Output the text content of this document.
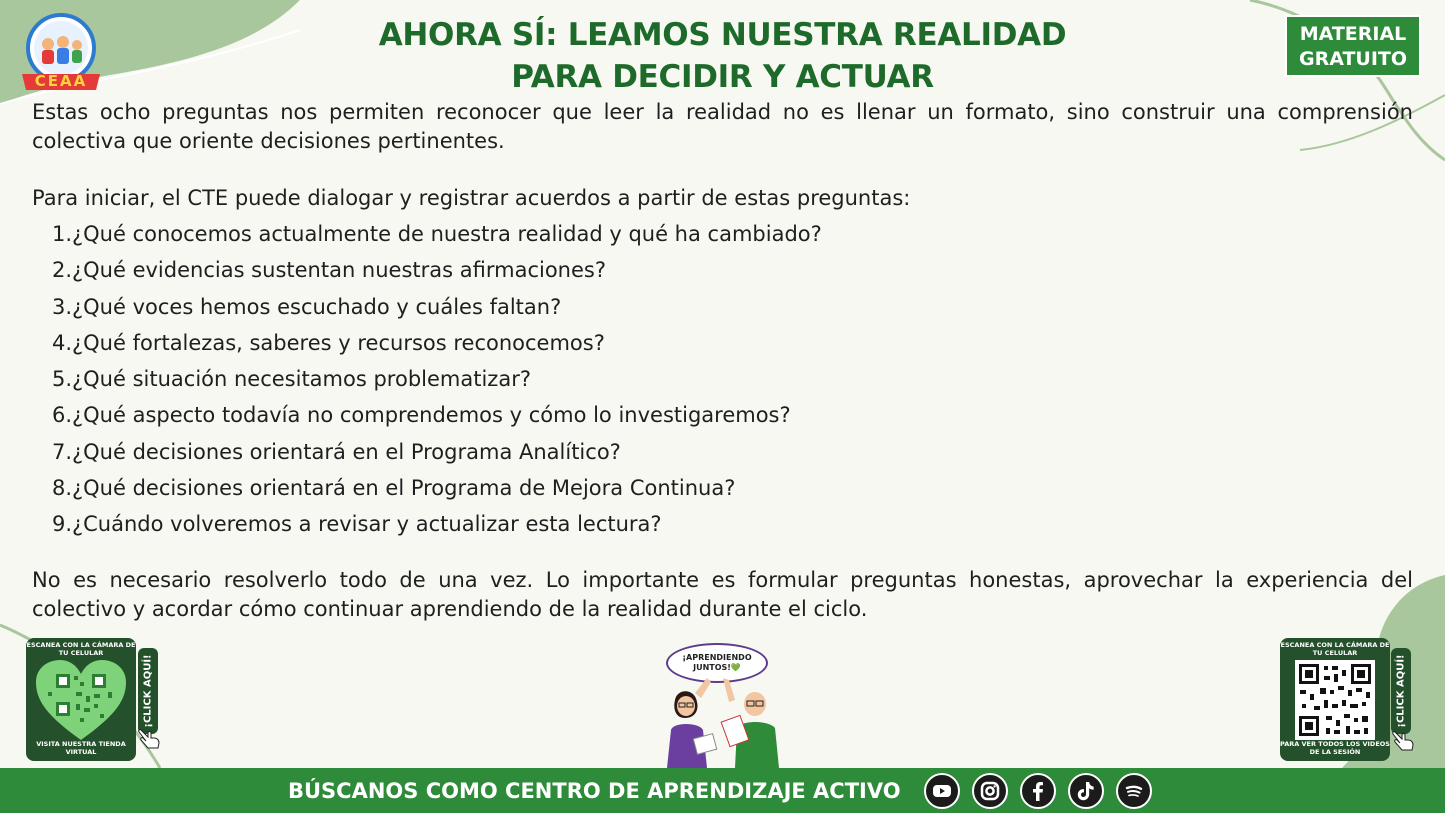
CEAA
AHORA SÍ: LEAMOS NUESTRA REALIDAD
PARA DECIDIR Y ACTUAR
MATERIAL
GRATUITO

Estas ocho preguntas nos permiten reconocer que leer la realidad no es llenar un formato, sino construir una comprensión colectiva que oriente decisiones pertinentes.

Para iniciar, el CTE puede dialogar y registrar acuerdos a partir de estas preguntas:

1.¿Qué conocemos actualmente de nuestra realidad y qué ha cambiado?
2.¿Qué evidencias sustentan nuestras afirmaciones?
3.¿Qué voces hemos escuchado y cuáles faltan?
4.¿Qué fortalezas, saberes y recursos reconocemos?
5.¿Qué situación necesitamos problematizar?
6.¿Qué aspecto todavía no comprendemos y cómo lo investigaremos?
7.¿Qué decisiones orientará en el Programa Analítico?
8.¿Qué decisiones orientará en el Programa de Mejora Continua?
9.¿Cuándo volveremos a revisar y actualizar esta lectura?

No es necesario resolverlo todo de una vez. Lo importante es formular preguntas honestas, aprovechar la experiencia del colectivo y acordar cómo continuar aprendiendo de la realidad durante el ciclo.

ESCANEA CON LA CÁMARA DE TU CELULAR
VISITA NUESTRA TIENDA VIRTUAL
¡CLICK AQUÍ!	¡APRENDIENDO JUNTOS!💚
ESCANEA CON LA CÁMARA DE TU CELULAR
PARA VER TODOS LOS VIDEOS DE LA SESIÓN
¡CLICK AQUÍ!
BÚSCANOS COMO CENTRO DE APRENDIZAJE ACTIVO
